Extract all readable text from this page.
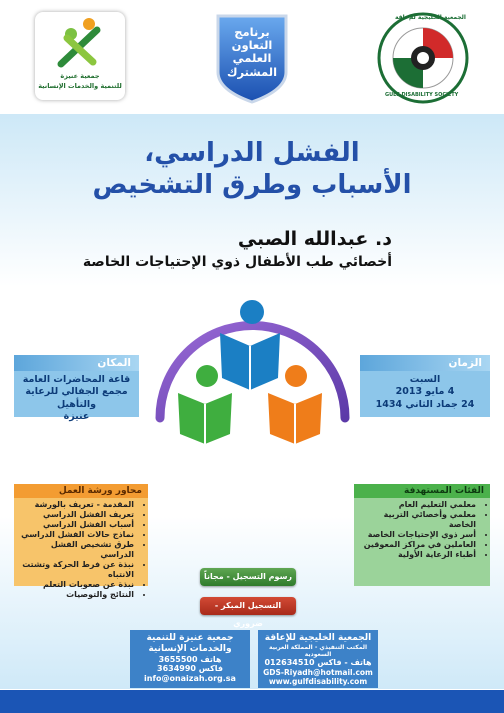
جمعية عنيزة
للتنمية والخدمات الإنسانية
برنامج
التعاون
العلمي
المشترك
الجمعية الخليجية للإعاقة
GULF DISABILITY SOCIETY
الفشل الدراسي،
الأسباب وطرق التشخيص
د. عبدالله الصبي
أخصائي طب الأطفال ذوي الإحتياجات الخاصة
المكان
قاعة المحاضرات العامة
مجمع الجفالي للرعاية والتأهيل
عنيزة
الزمان
السبت
4 مايو 2013
24 جماد الثاني 1434
محاور ورشة العمل
• المقدمة - تعريف بالورشة
• تعريف الفشل الدراسي
• أسباب الفشل الدراسي
• نماذج حالات الفشل الدراسي
• طرق تشخيص الفشل الدراسي
• نبذة عن فرط الحركة وتشتت الانتباه
• نبذة عن صعوبات التعلم
• النتائج والتوصيات
الفئات المستهدفة
• معلمي التعليم العام
• معلمي وأخصائي التربية الخاصة
• أسر ذوي الإحتياجات الخاصة
• العاملين في مراكز المعوقين
• أطباء الرعاية الأولية
رسوم التسجيل - مجاناً
التسجيل المبكر - ضروري
جمعية عنيزة للتنمية
والخدمات الإنسانية
هاتف 3655500
فاكس 3634990
info@onaizah.org.sa
الجمعية الخليجية للإعاقة
المكتب التنفيذي - المملكة العربية السعودية
هاتف - فاكس 012634510
GDS-Riyadh@hotmail.com
www.gulfdisability.com
